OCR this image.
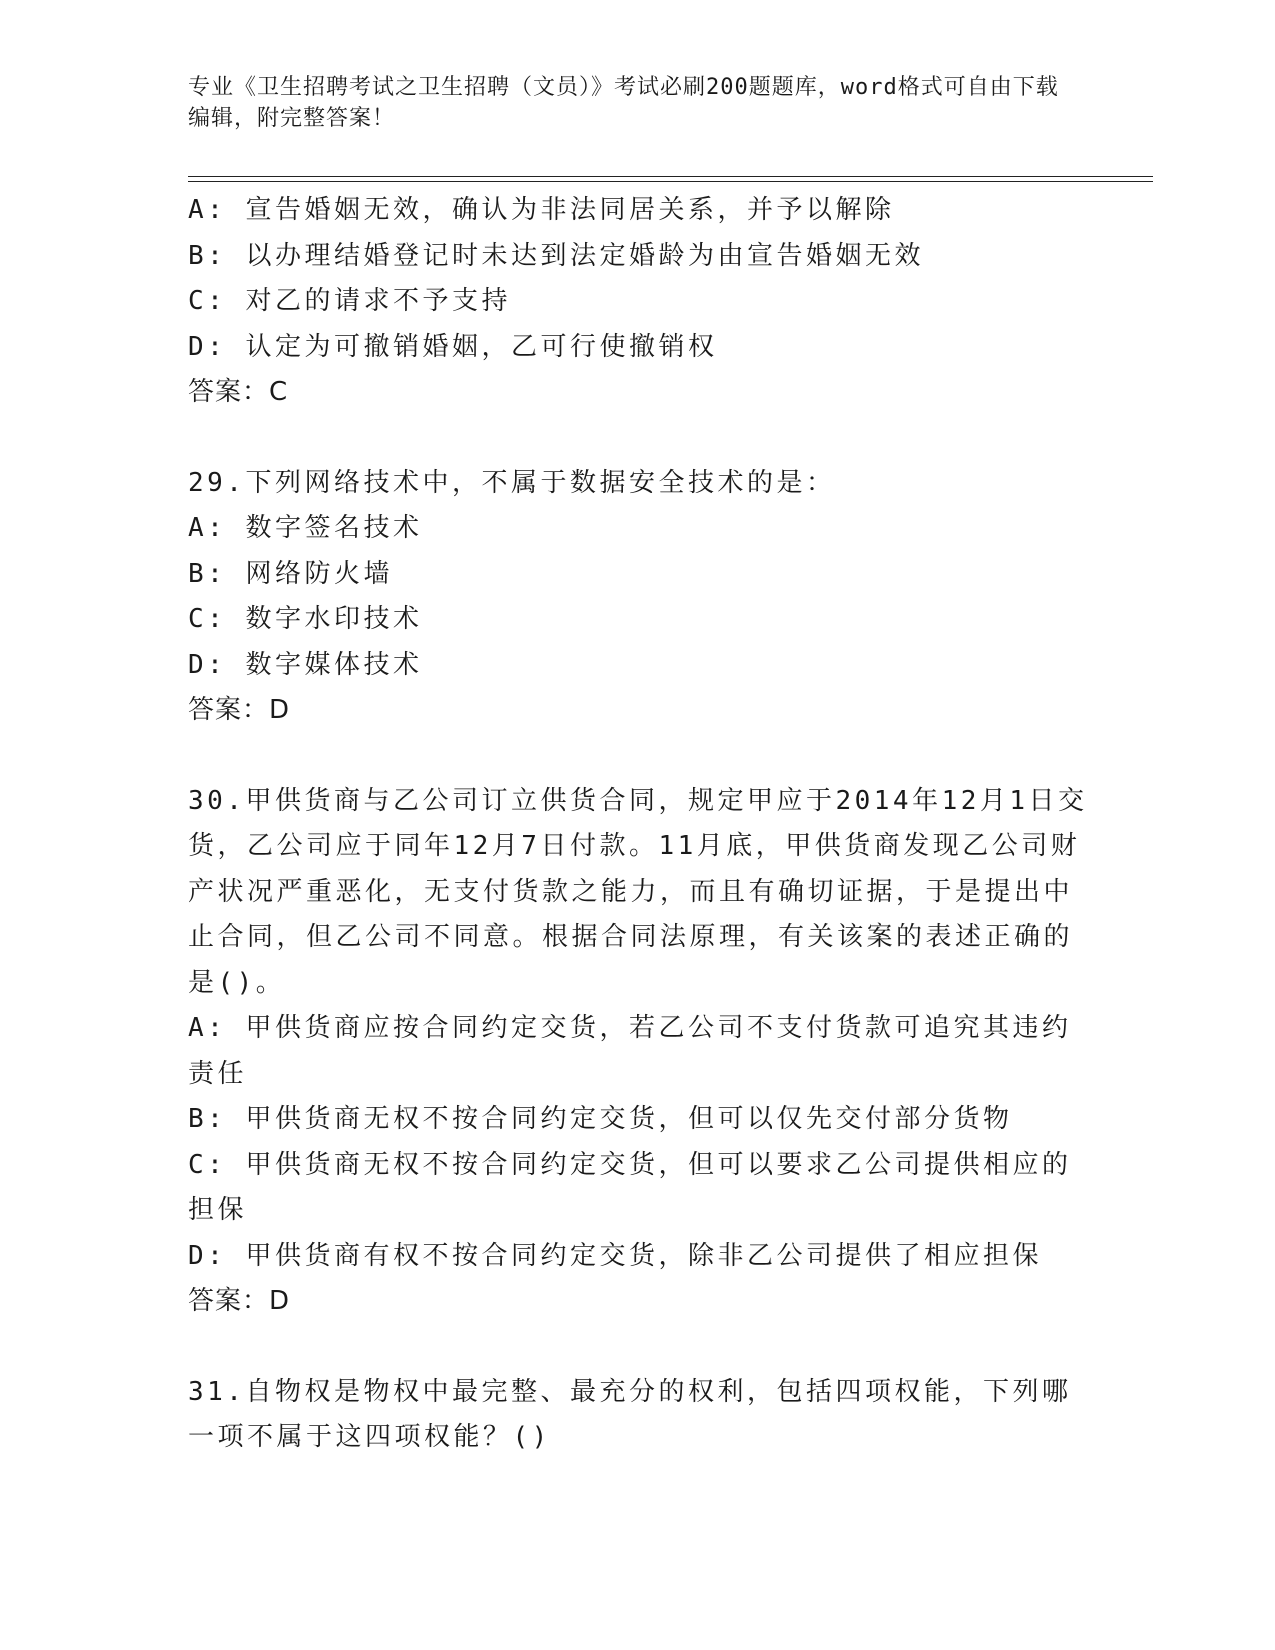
专业《卫生招聘考试之卫生招聘（文员）》考试必刷200题题库，word格式可自由下载编辑，附完整答案！
A: 宣告婚姻无效，确认为非法同居关系，并予以解除
B: 以办理结婚登记时未达到法定婚龄为由宣告婚姻无效
C: 对乙的请求不予支持
D: 认定为可撤销婚姻，乙可行使撤销权
答案：C
29.下列网络技术中，不属于数据安全技术的是：
A: 数字签名技术
B: 网络防火墙
C: 数字水印技术
D: 数字媒体技术
答案：D
30.甲供货商与乙公司订立供货合同，规定甲应于2014年12月1日交货，乙公司应于同年12月7日付款。11月底，甲供货商发现乙公司财产状况严重恶化，无支付货款之能力，而且有确切证据，于是提出中止合同，但乙公司不同意。根据合同法原理，有关该案的表述正确的是()。
A: 甲供货商应按合同约定交货，若乙公司不支付货款可追究其违约责任
B: 甲供货商无权不按合同约定交货，但可以仅先交付部分货物
C: 甲供货商无权不按合同约定交货，但可以要求乙公司提供相应的担保
D: 甲供货商有权不按合同约定交货，除非乙公司提供了相应担保
答案：D
31.自物权是物权中最完整、最充分的权利，包括四项权能，下列哪一项不属于这四项权能？()
